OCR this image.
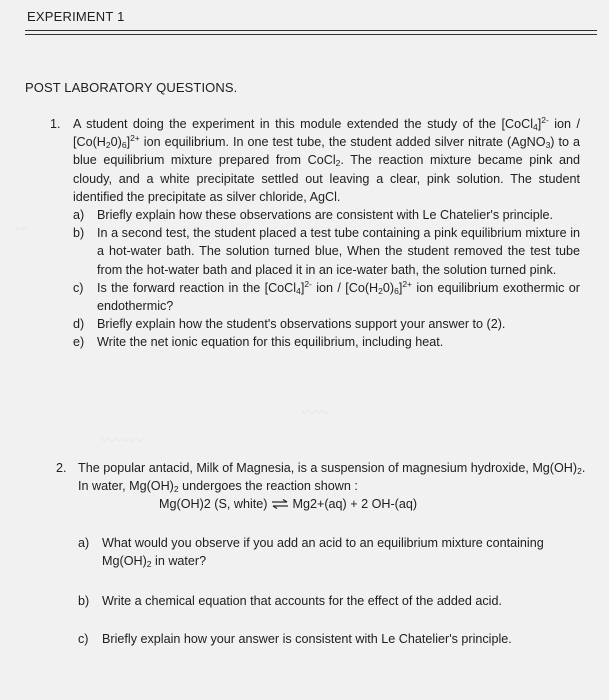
EXPERIMENT 1
POST LABORATORY QUESTIONS.
1. A student doing the experiment in this module extended the study of the [CoCl$_4$]$^{2-}$ ion / $[Co(H_20)_6]^{2+}$ ion equilibrium. In one test tube, the student added silver nitrate (AgNO$_3$) to a blue equilibrium mixture prepared from CoCl$_2$. The reaction mixture became pink and cloudy, and a white precipitate settled out leaving a clear, pink solution. The student identified the precipitate as silver chloride, AgCl.
a) Briefly explain how these observations are consistent with Le Chatelier's principle.
b) In a second test, the student placed a test tube containing a pink equilibrium mixture in a hot-water bath. The solution turned blue, When the student removed the test tube from the hot-water bath and placed it in an ice-water bath, the solution turned pink.
c) Is the forward reaction in the [CoCl$_4$]$^{2-}$ ion / $[Co(H_20)_6]^{2+}$ ion equilibrium exothermic or endothermic?
d) Briefly explain how the student's observations support your answer to (2).
e) Write the net ionic equation for this equilibrium, including heat.
2. The popular antacid, Milk of Magnesia, is a suspension of magnesium hydroxide, $Mg(OH)_2$. In water, $Mg(OH)_2$ undergoes the reaction shown :
Mg(OH)2 (S, white) ⇌ Mg2+(aq) + 2 OH-(aq)
a) What would you observe if you add an acid to an equilibrium mixture containing $Mg(OH)_2$ in water?
b) Write a chemical equation that accounts for the effect of the added acid.
c) Briefly explain how your answer is consistent with Le Chatelier's principle.
〰
〰〰
〰〰〰
